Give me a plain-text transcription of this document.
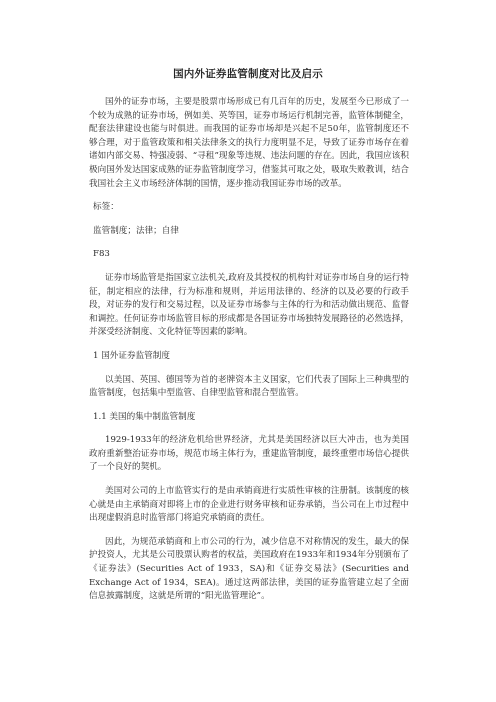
国内外证券监管制度对比及启示

国外的证券市场，主要是股票市场形成已有几百年的历史，发展至今已形成了一个较为成熟的证券市场，例如美、英等国，证券市场运行机制完善，监管体制健全，配套法律建设也能与时俱进。而我国的证券市场却是兴起不足50年，监管制度还不够合理，对于监管政策和相关法律条文的执行力度明显不足，导致了证券市场存在着诸如内部交易、特强凌弱、“寻租”现象等违规、违法问题的存在。因此，我国应该积极向国外发达国家成熟的证券监管制度学习，借鉴其可取之处，吸取失败教训，结合我国社会主义市场经济体制的国情，逐步推动我国证券市场的改革。

标签：

监管制度；法律；自律

F83

证券市场监管是指国家立法机关,政府及其授权的机构针对证券市场自身的运行特征，制定相应的法律，行为标准和规则，并运用法律的、经济的以及必要的行政手段，对证券的发行和交易过程，以及证券市场参与主体的行为和活动做出规范、监督和调控。任何证券市场监管目标的形成都是各国证券市场独特发展路径的必然选择，并深受经济制度、文化特征等因素的影响。

1 国外证券监管制度

以美国、英国、德国等为首的老牌资本主义国家，它们代表了国际上三种典型的监管制度，包括集中型监管、自律型监管和混合型监管。

1.1 美国的集中制监管制度

1929-1933年的经济危机给世界经济，尤其是美国经济以巨大冲击，也为美国政府重新整治证券市场，规范市场主体行为，重建监管制度，最终重塑市场信心提供了一个良好的契机。

美国对公司的上市监管实行的是由承销商进行实质性审核的注册制。该制度的核心就是由主承销商对即将上市的企业进行财务审核和证券承销，当公司在上市过程中出现虚假消息时监管部门将追究承销商的责任。

因此，为规范承销商和上市公司的行为，减少信息不对称情况的发生，最大的保护投资人，尤其是公司股票认购者的权益，美国政府在1933年和1934年分别颁布了《证券法》(Securities Act of 1933，SA)和《证券交易法》(Securities and Exchange Act of 1934，SEA)。通过这两部法律，美国的证券监管建立起了全面信息披露制度，这就是所谓的“阳光监管理论”。
